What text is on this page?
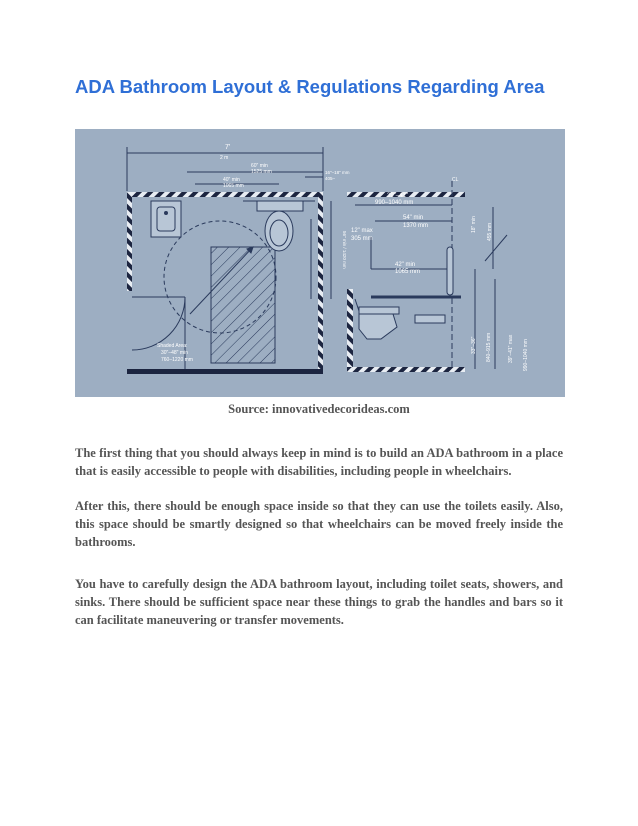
ADA Bathroom Layout & Regulations Regarding Area
7'
2 m
60" min
1525 mm
40" min
1065 mm
16"–18" mm
405–
56" min / 1420 mm
Shaded Area:
30"–48" min
760–1220 mm
CL
39"–41"
990–1040 mm
54" min
1370 mm
12" max
305 mm
42" min
1065 mm
18" min 455 mm
33"–36" 840–915 mm	39"–41" max 990–1040 mm
Source: innovativedecorideas.com

The first thing that you should always keep in mind is to build an ADA bathroom in a place that is easily accessible to people with disabilities, including people in wheelchairs.

After this, there should be enough space inside so that they can use the toilets easily. Also, this space should be smartly designed so that wheelchairs can be moved freely inside the bathrooms.

You have to carefully design the ADA bathroom layout, including toilet seats, showers, and sinks. There should be sufficient space near these things to grab the handles and bars so it can facilitate maneuvering or transfer movements.
